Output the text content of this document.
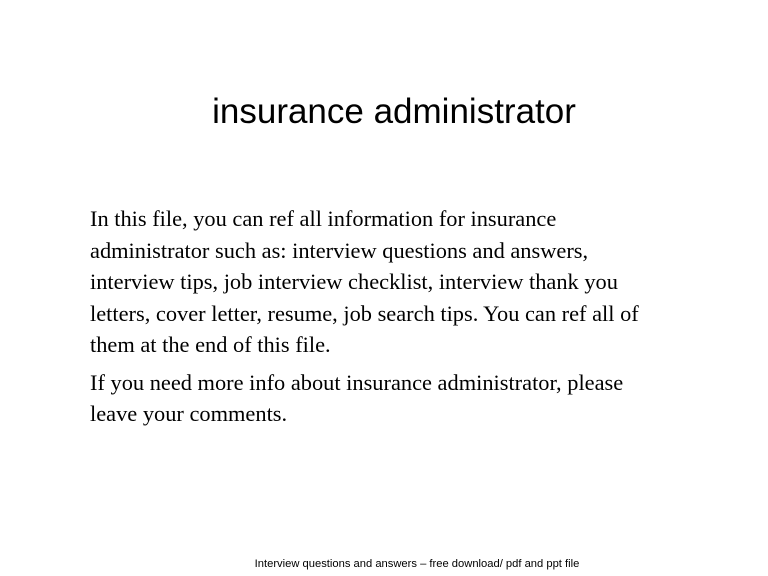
insurance administrator

In this file, you can ref all information for insurance
administrator such as: interview questions and answers,
interview tips, job interview checklist, interview thank you
letters, cover letter, resume, job search tips. You can ref all of
them at the end of this file.

If you need more info about insurance administrator, please
leave your comments.

Interview questions and answers – free download/ pdf and ppt file
